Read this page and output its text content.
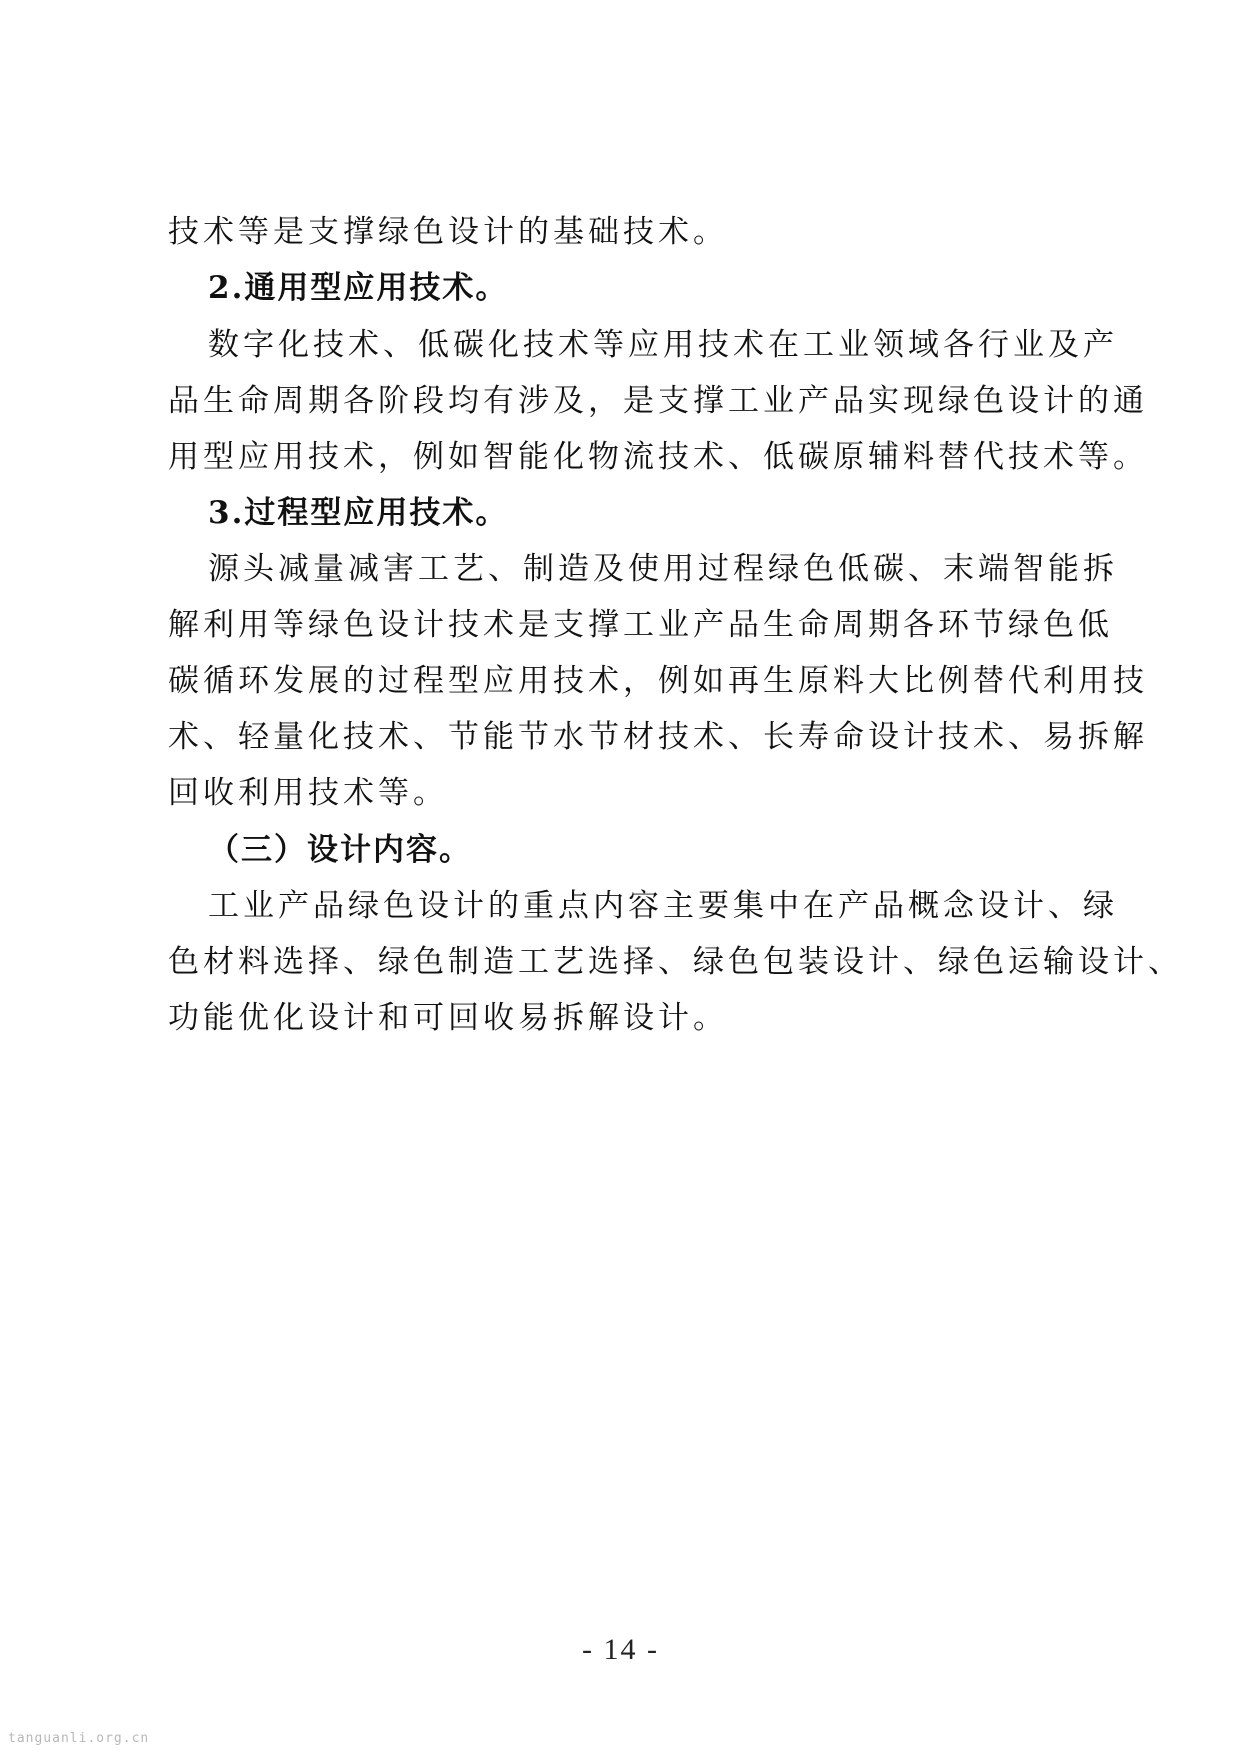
技术等是支撑绿色设计的基础技术。
2.通用型应用技术。
数字化技术、低碳化技术等应用技术在工业领域各行业及产
品生命周期各阶段均有涉及，是支撑工业产品实现绿色设计的通
用型应用技术，例如智能化物流技术、低碳原辅料替代技术等。
3.过程型应用技术。
源头减量减害工艺、制造及使用过程绿色低碳、末端智能拆
解利用等绿色设计技术是支撑工业产品生命周期各环节绿色低
碳循环发展的过程型应用技术，例如再生原料大比例替代利用技
术、轻量化技术、节能节水节材技术、长寿命设计技术、易拆解
回收利用技术等。
（三）设计内容。
工业产品绿色设计的重点内容主要集中在产品概念设计、绿
色材料选择、绿色制造工艺选择、绿色包装设计、绿色运输设计、
功能优化设计和可回收易拆解设计。
- 14 -
tanguanli.org.cn
